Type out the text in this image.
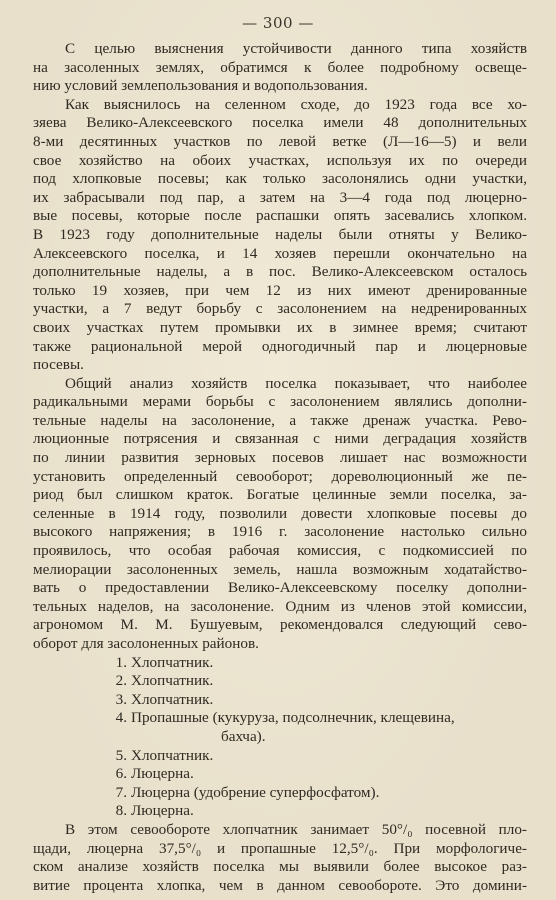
— 300 —
С целью выяснения устойчивости данного типа хозяйств
на засоленных землях, обратимся к более подробному освеще-
нию условий землепользования и водопользования.
Как выяснилось на селенном сходе, до 1923 года все хо-
зяева Велико-Алексеевского поселка имели 48 дополнительных
8-ми десятинных участков по левой ветке (Л—16—5) и вели
свое хозяйство на обоих участках, используя их по очереди
под хлопковые посевы; как только засолонялись одни участки,
их забрасывали под пар, а затем на 3—4 года под люцерно-
вые посевы, которые после распашки опять засевались хлопком.
В 1923 году дополнительные наделы были отняты у Велико-
Алексеевского поселка, и 14 хозяев перешли окончательно на
дополнительные наделы, а в пос. Велико-Алексеевском осталось
только 19 хозяев, при чем 12 из них имеют дренированные
участки, а 7 ведут борьбу с засолонением на недренированных
своих участках путем промывки их в зимнее время; считают
также рациональной мерой одногодичный пар и люцерновые
посевы.
Общий анализ хозяйств поселка показывает, что наиболее
радикальными мерами борьбы с засолонением являлись дополни-
тельные наделы на засолонение, а также дренаж участка. Рево-
люционные потрясения и связанная с ними деградация хозяйств
по линии развития зерновых посевов лишает нас возможности
установить определенный севооборот; дореволюционный же пе-
риод был слишком краток. Богатые целинные земли поселка, за-
селенные в 1914 году, позволили довести хлопковые посевы до
высокого напряжения; в 1916 г. засолонение настолько сильно
проявилось, что особая рабочая комиссия, с подкомиссией по
мелиорации засолоненных земель, нашла возможным ходатайство-
вать о предоставлении Велико-Алексеевскому поселку дополни-
тельных наделов, на засолонение. Одним из членов этой комиссии,
агрономом М. М. Бушуевым, рекомендовался следующий сево-
оборот для засолоненных районов.
1. Хлопчатник.
2. Хлопчатник.
3. Хлопчатник.
4. Пропашные (кукуруза, подсолнечник, клещевина,
бахча).
5. Хлопчатник.
6. Люцерна.
7. Люцерна (удобрение суперфосфатом).
8. Люцерна.
В этом севообороте хлопчатник занимает 50°/₀ посевной пло-
щади, люцерна 37,5°/₀ и пропашные 12,5°/₀. При морфологиче-
ском анализе хозяйств поселка мы выявили более высокое раз-
витие процента хлопка, чем в данном севообороте. Это домини-
